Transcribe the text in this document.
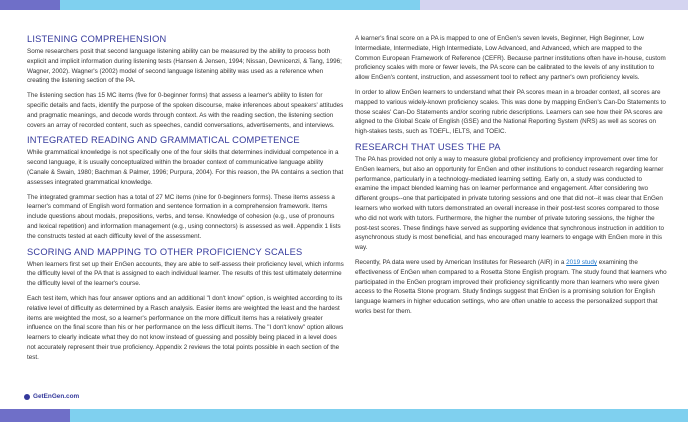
LISTENING COMPREHENSION

Some researchers posit that second language listening ability can be measured by the ability to process both explicit and implicit information during listening tests (Hansen & Jensen, 1994; Nissan, Devnicenzi, & Tang, 1996; Wagner, 2002). Wagner's (2002) model of second language listening ability was used as a reference when creating the listening section of the PA.

The listening section has 15 MC items (five for 0-beginner forms) that assess a learner's ability to listen for specific details and facts, identify the purpose of the spoken discourse, make inferences about speakers' attitudes and pragmatic meanings, and decode words through context. As with the reading section, the listening section covers an array of recorded content, such as speeches, candid conversations, advertisements, and interviews.

INTEGRATED READING AND GRAMMATICAL COMPETENCE

While grammatical knowledge is not specifically one of the four skills that determines individual competence in a second language, it is usually conceptualized within the broader context of communicative language ability (Canale & Swain, 1980; Bachman & Palmer, 1996; Purpura, 2004). For this reason, the PA contains a section that assesses integrated grammatical knowledge.

The integrated grammar section has a total of 27 MC items (nine for 0-beginners forms). These items assess a learner's command of English word formation and sentence formation in a comprehension framework. Items include questions about modals, prepositions, verbs, and tense. Knowledge of cohesion (e.g., use of pronouns and lexical repetition) and information management (e.g., using connectors) is assessed as well. Appendix 1 lists the constructs tested at each difficulty level of the assessment.

SCORING AND MAPPING TO OTHER PROFICIENCY SCALES

When learners first set up their EnGen accounts, they are able to self-assess their proficiency level, which informs the difficulty level of the PA that is assigned to each individual learner. The results of this test ultimately determine the difficulty level of the learner's course.

Each test item, which has four answer options and an additional "I don't know" option, is weighted according to its relative level of difficulty as determined by a Rasch analysis. Easier items are weighted the least and the hardest items are weighted the most, so a learner's performance on the more difficult items has a relatively greater influence on the final score than his or her performance on the less difficult items. The "I don't know" option allows learners to clearly indicate what they do not know instead of guessing and possibly being placed in a level does not accurately represent their true proficiency. Appendix 2 reviews the total points possible in each section of the test.

A learner's final score on a PA is mapped to one of EnGen's seven levels, Beginner, High Beginner, Low Intermediate, Intermediate, High Intermediate, Low Advanced, and Advanced, which are mapped to the Common European Framework of Reference (CEFR). Because partner institutions often have in-house, custom proficiency scales with more or fewer levels, the PA score can be calibrated to the levels of any institution to allow EnGen's content, instruction, and assessment tool to reflect any partner's own proficiency levels.

In order to allow EnGen learners to understand what their PA scores mean in a broader context, all scores are mapped to various widely-known proficiency scales. This was done by mapping EnGen's Can-Do Statements to those scales' Can-Do Statements and/or scoring rubric descriptions. Learners can see how their PA scores are aligned to the Global Scale of English (GSE) and the National Reporting System (NRS) as well as scores on high-stakes tests, such as TOEFL, IELTS, and TOEIC.

RESEARCH THAT USES THE PA

The PA has provided not only a way to measure global proficiency and proficiency improvement over time for EnGen learners, but also an opportunity for EnGen and other institutions to conduct research regarding learner performance, particularly in a technology-mediated learning setting. Early on, a study was conducted to examine the impact blended learning has on learner performance and engagement. After considering two different groups--one that participated in private tutoring sessions and one that did not--it was clear that EnGen learners who worked with tutors demonstrated an overall increase in their post-test scores compared to those who did not work with tutors. Furthermore, the higher the number of private tutoring sessions, the higher the post-test scores. These findings have served as supporting evidence that synchronous instruction in addition to asynchronous study is most beneficial, and has encouraged many learners to engage with EnGen more in this way.

Recently, PA data were used by American Institutes for Research (AIR) in a 2019 study examining the effectiveness of EnGen when compared to a Rosetta Stone English program. The study found that learners who participated in the EnGen program improved their proficiency significantly more than learners who were given access to the Rosetta Stone program. Study findings suggest that EnGen is a promising solution for English language learners in higher education settings, who are often unable to access the personalized support that works best for them.

GetEnGen.com
